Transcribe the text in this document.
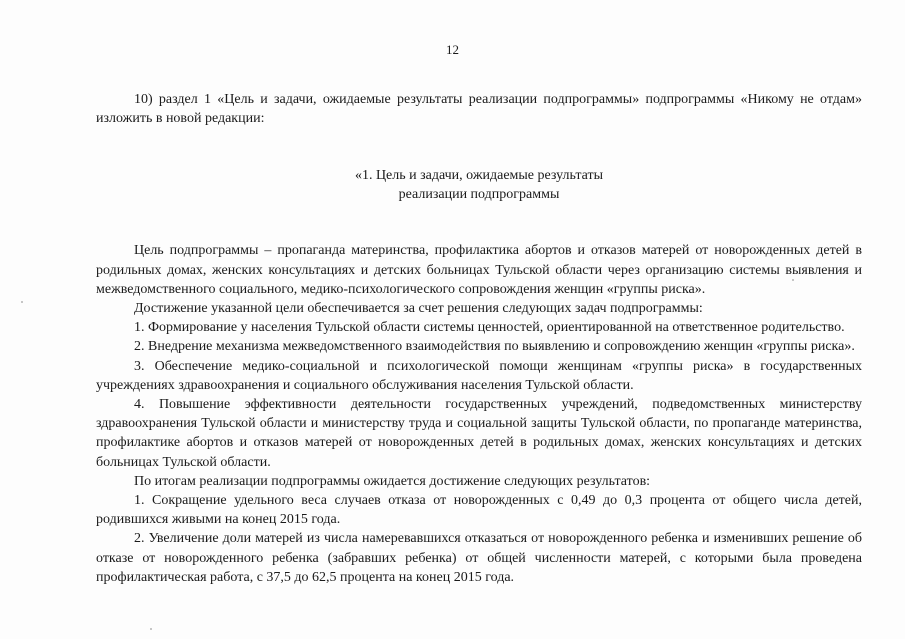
12

10) раздел 1 «Цель и задачи, ожидаемые результаты реализации подпрограммы» подпрограммы «Никому не отдам» изложить в новой редакции:

«1. Цель и задачи, ожидаемые результаты
реализации подпрограммы

Цель подпрограммы – пропаганда материнства, профилактика абортов и отказов матерей от новорожденных детей в родильных домах, женских консультациях и детских больницах Тульской области через организацию системы выявления и межведомственного социального, медико-психологического сопровождения женщин «группы риска».

Достижение указанной цели обеспечивается за счет решения следующих задач подпрограммы:

1. Формирование у населения Тульской области системы ценностей, ориентированной на ответственное родительство.

2. Внедрение механизма межведомственного взаимодействия по выявлению и сопровождению женщин «группы риска».

3. Обеспечение медико-социальной и психологической помощи женщинам «группы риска» в государственных учреждениях здравоохранения и социального обслуживания населения Тульской области.

4. Повышение эффективности деятельности государственных учреждений, подведомственных министерству здравоохранения Тульской области и министерству труда и социальной защиты Тульской области, по пропаганде материнства, профилактике абортов и отказов матерей от новорожденных детей в родильных домах, женских консультациях и детских больницах Тульской области.

По итогам реализации подпрограммы ожидается достижение следующих результатов:

1. Сокращение удельного веса случаев отказа от новорожденных с 0,49 до 0,3 процента от общего числа детей, родившихся живыми на конец 2015 года.

2. Увеличение доли матерей из числа намеревавшихся отказаться от новорожденного ребенка и изменивших решение об отказе от новорожденного ребенка (забравших ребенка) от общей численности матерей, с которыми была проведена профилактическая работа, с 37,5 до 62,5 процента на конец 2015 года.
